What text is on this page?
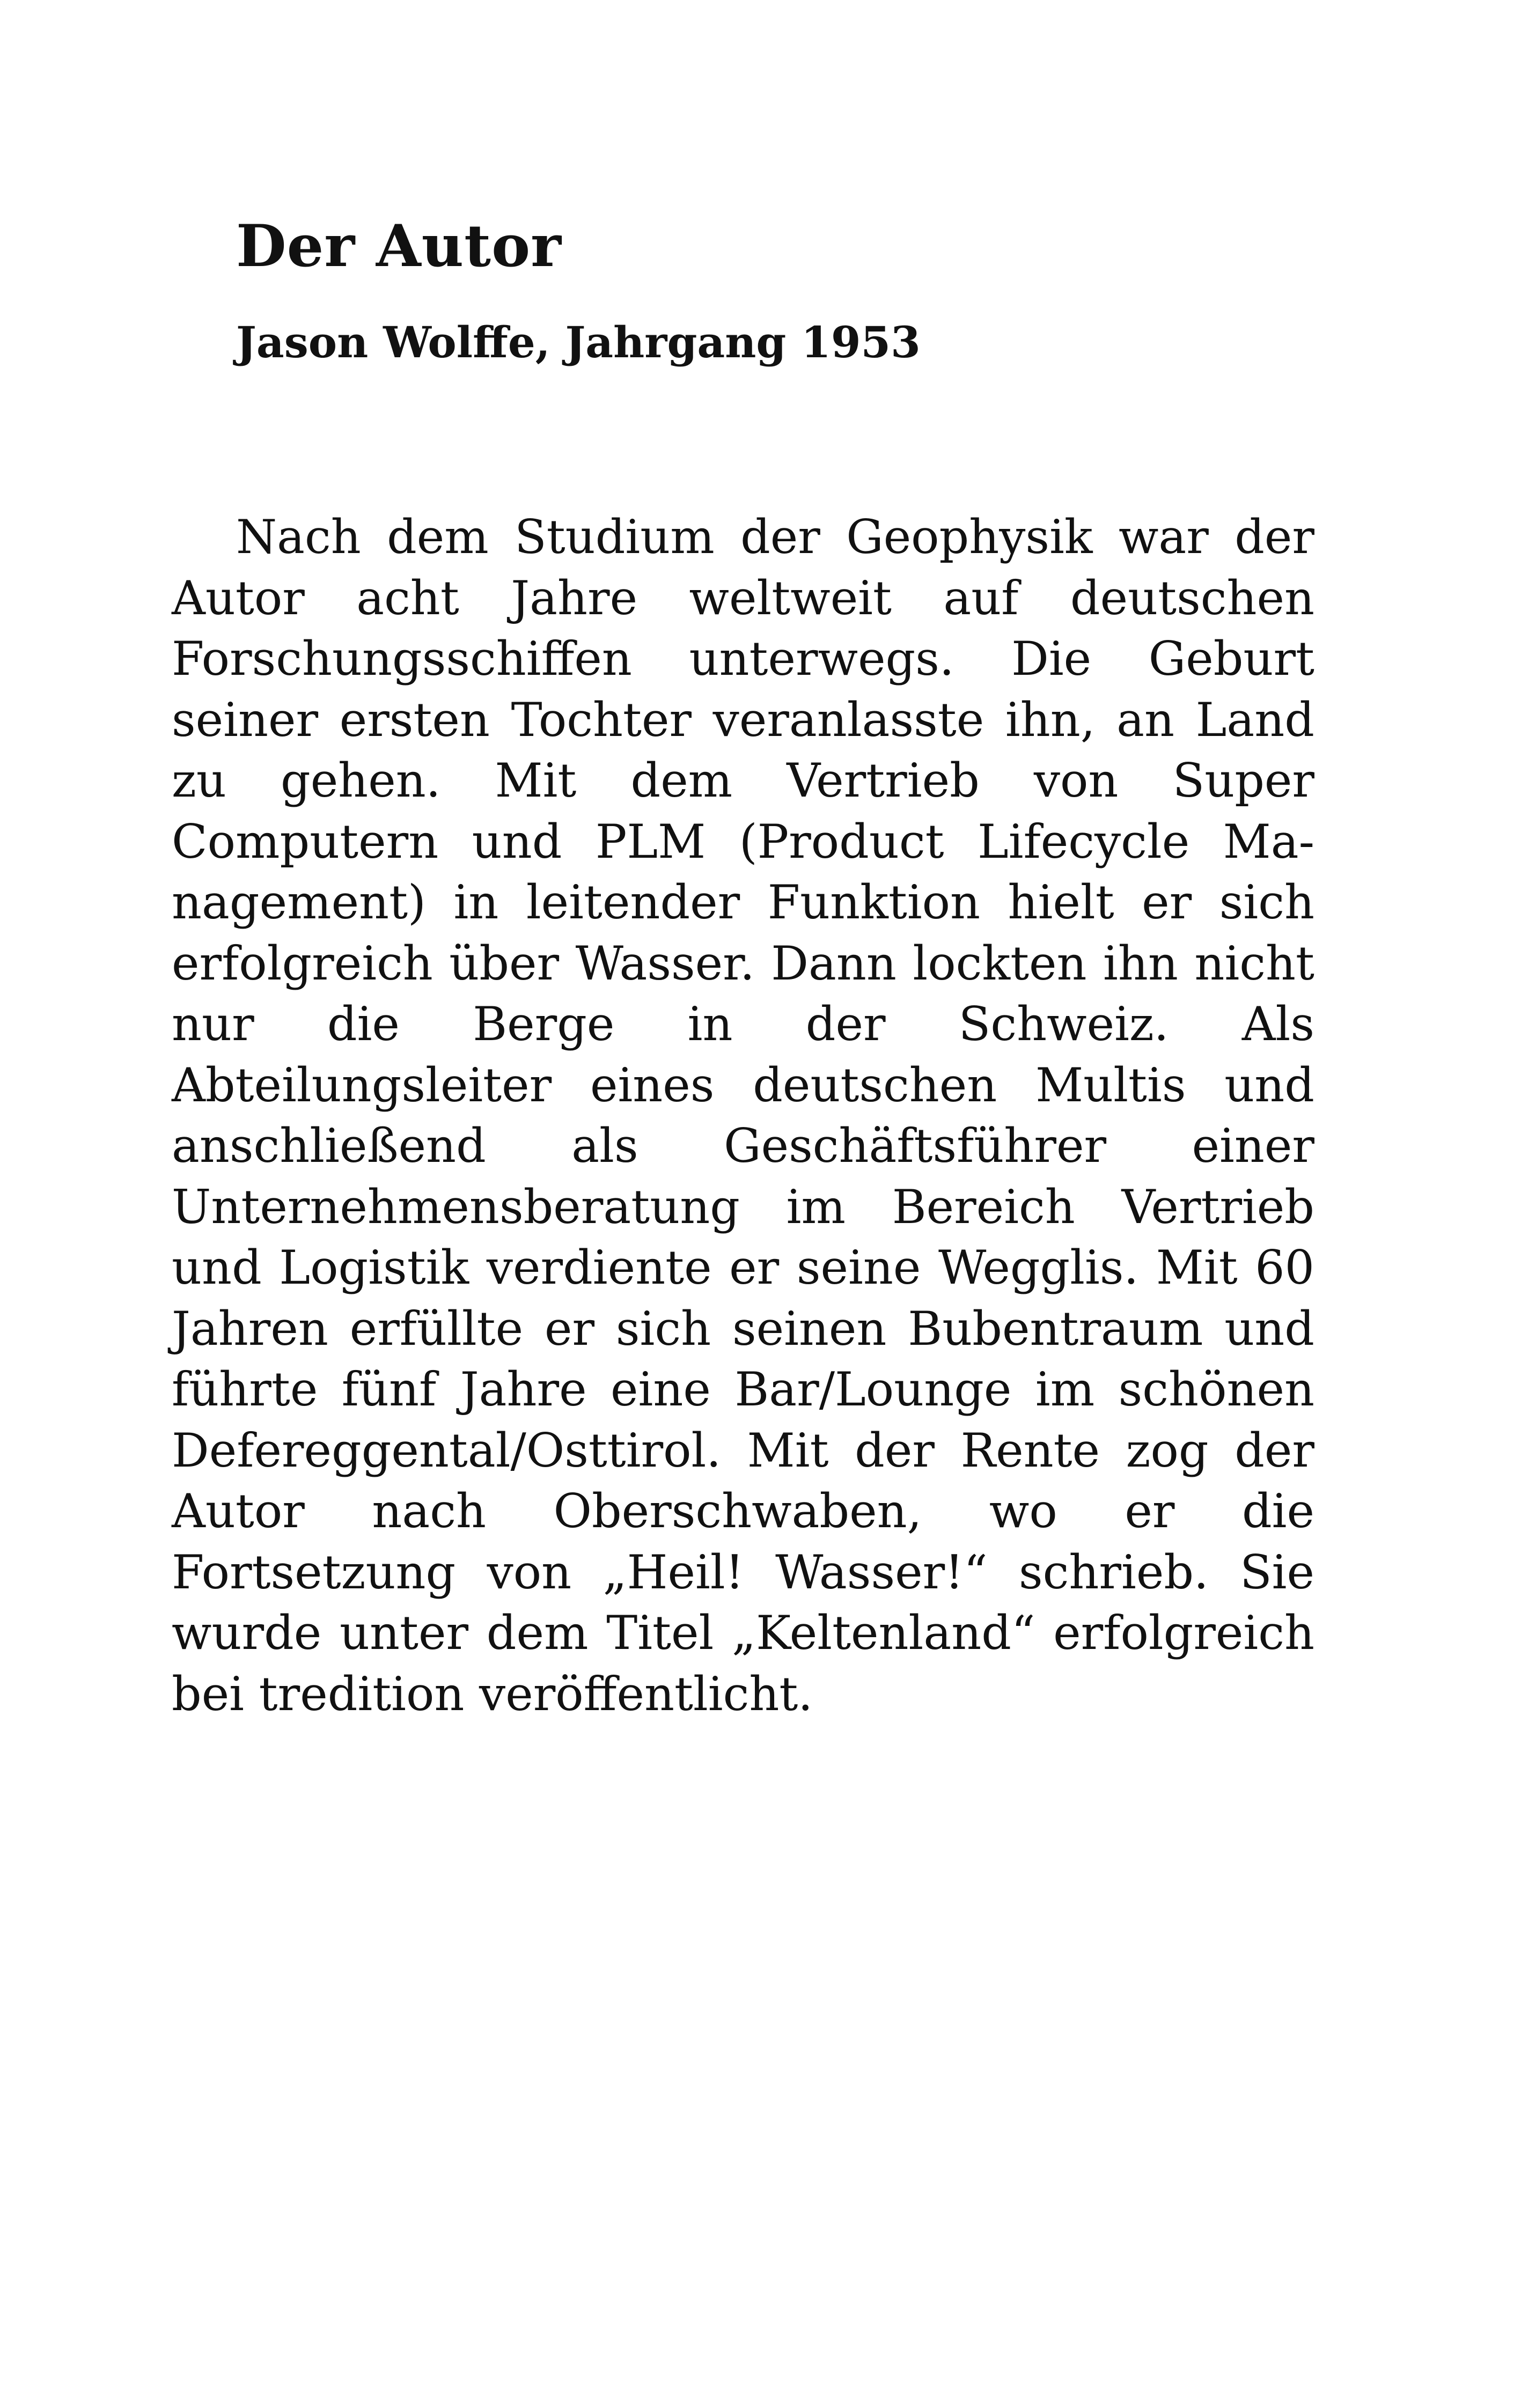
Der Autor
Jason Wolffe, Jahrgang 1953

Nach dem Studium der Geophysik war der Autor acht Jahre weltweit auf deutschen Forschungsschiffen unterwegs. Die Geburt seiner ersten Tochter veranlasste ihn, an Land zu gehen. Mit dem Vertrieb von Super Computern und PLM (Product Lifecycle Management) in leitender Funktion hielt er sich erfolgreich über Wasser. Dann lockten ihn nicht nur die Berge in der Schweiz. Als Abteilungsleiter eines deutschen Multis und anschließend als Geschäftsführer einer Unternehmensberatung im Bereich Vertrieb und Logistik verdiente er seine Wegglis. Mit 60 Jahren erfüllte er sich seinen Bubentraum und führte fünf Jahre eine Bar/Lounge im schönen Defereggental/Osttirol. Mit der Rente zog der Autor nach Oberschwaben, wo er die Fortsetzung von „Heil! Wasser!“ schrieb. Sie wurde unter dem Titel „Keltenland“ erfolgreich bei tredition veröffentlicht.
